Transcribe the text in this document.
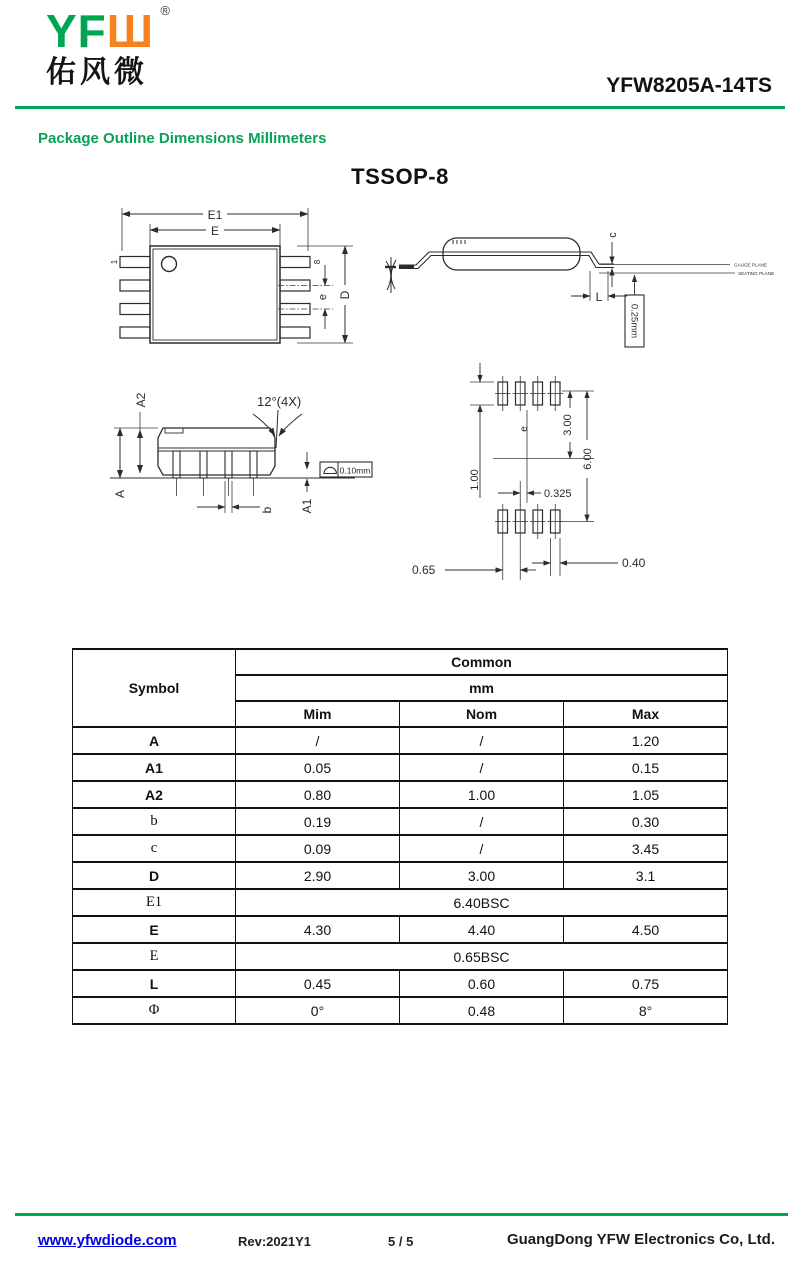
YFШ ®
佑风微	YFW8205A-14TS
Package Outline Dimensions Millimeters
TSSOP-8
E1
E
1	8
e D
GAUGE PLANE
SEATING PLANE
c
L
0.25mm
A
A2
A1
b
12°(4X)
0.10mm
e
1.00
3.00
6.00
0.325
0.65	0.40
Symbol	Common		
	mm		
	Mim	Nom	Max
A	/	/	1.20
A1	0.05	/	0.15
A2	0.80	1.00	1.05
b	0.19	/	0.30
c	0.09	/	3.45
D	2.90	3.00	3.1
E1	6.40BSC		
E	4.30	4.40	4.50
E	0.65BSC		
L	0.45	0.60	0.75
Φ	0°	0.48	8°
www.yfwdiode.com	Rev:2021Y1	5 / 5	GuangDong YFW Electronics Co, Ltd.
